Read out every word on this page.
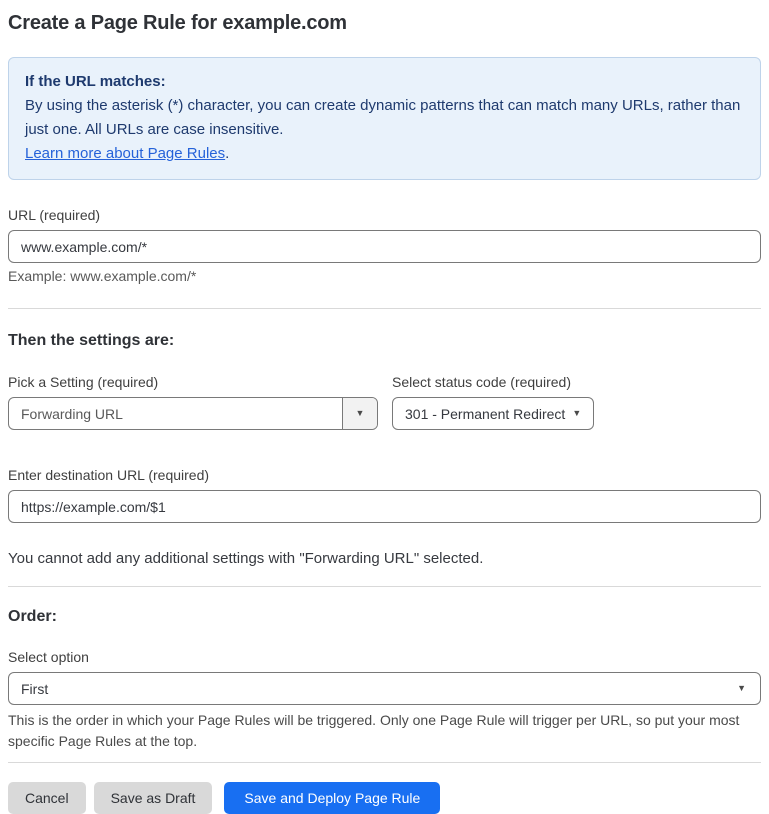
Create a Page Rule for example.com

If the URL matches:

By using the asterisk (*) character, you can create dynamic patterns that can match many URLs, rather than just one. All URLs are case insensitive.

Learn more about Page Rules.

URL (required)
www.example.com/*
Example: www.example.com/*
Then the settings are:
Pick a Setting (required)
Forwarding URL	▼
Select status code (required)
301 - Permanent Redirect ▼
Enter destination URL (required)
https://example.com/$1
You cannot add any additional settings with "Forwarding URL" selected.
Order:
Select option
First	▼
This is the order in which your Page Rules will be triggered. Only one Page Rule will trigger per URL, so put your most specific Page Rules at the top.
Cancel	Save as Draft	Save and Deploy Page Rule
